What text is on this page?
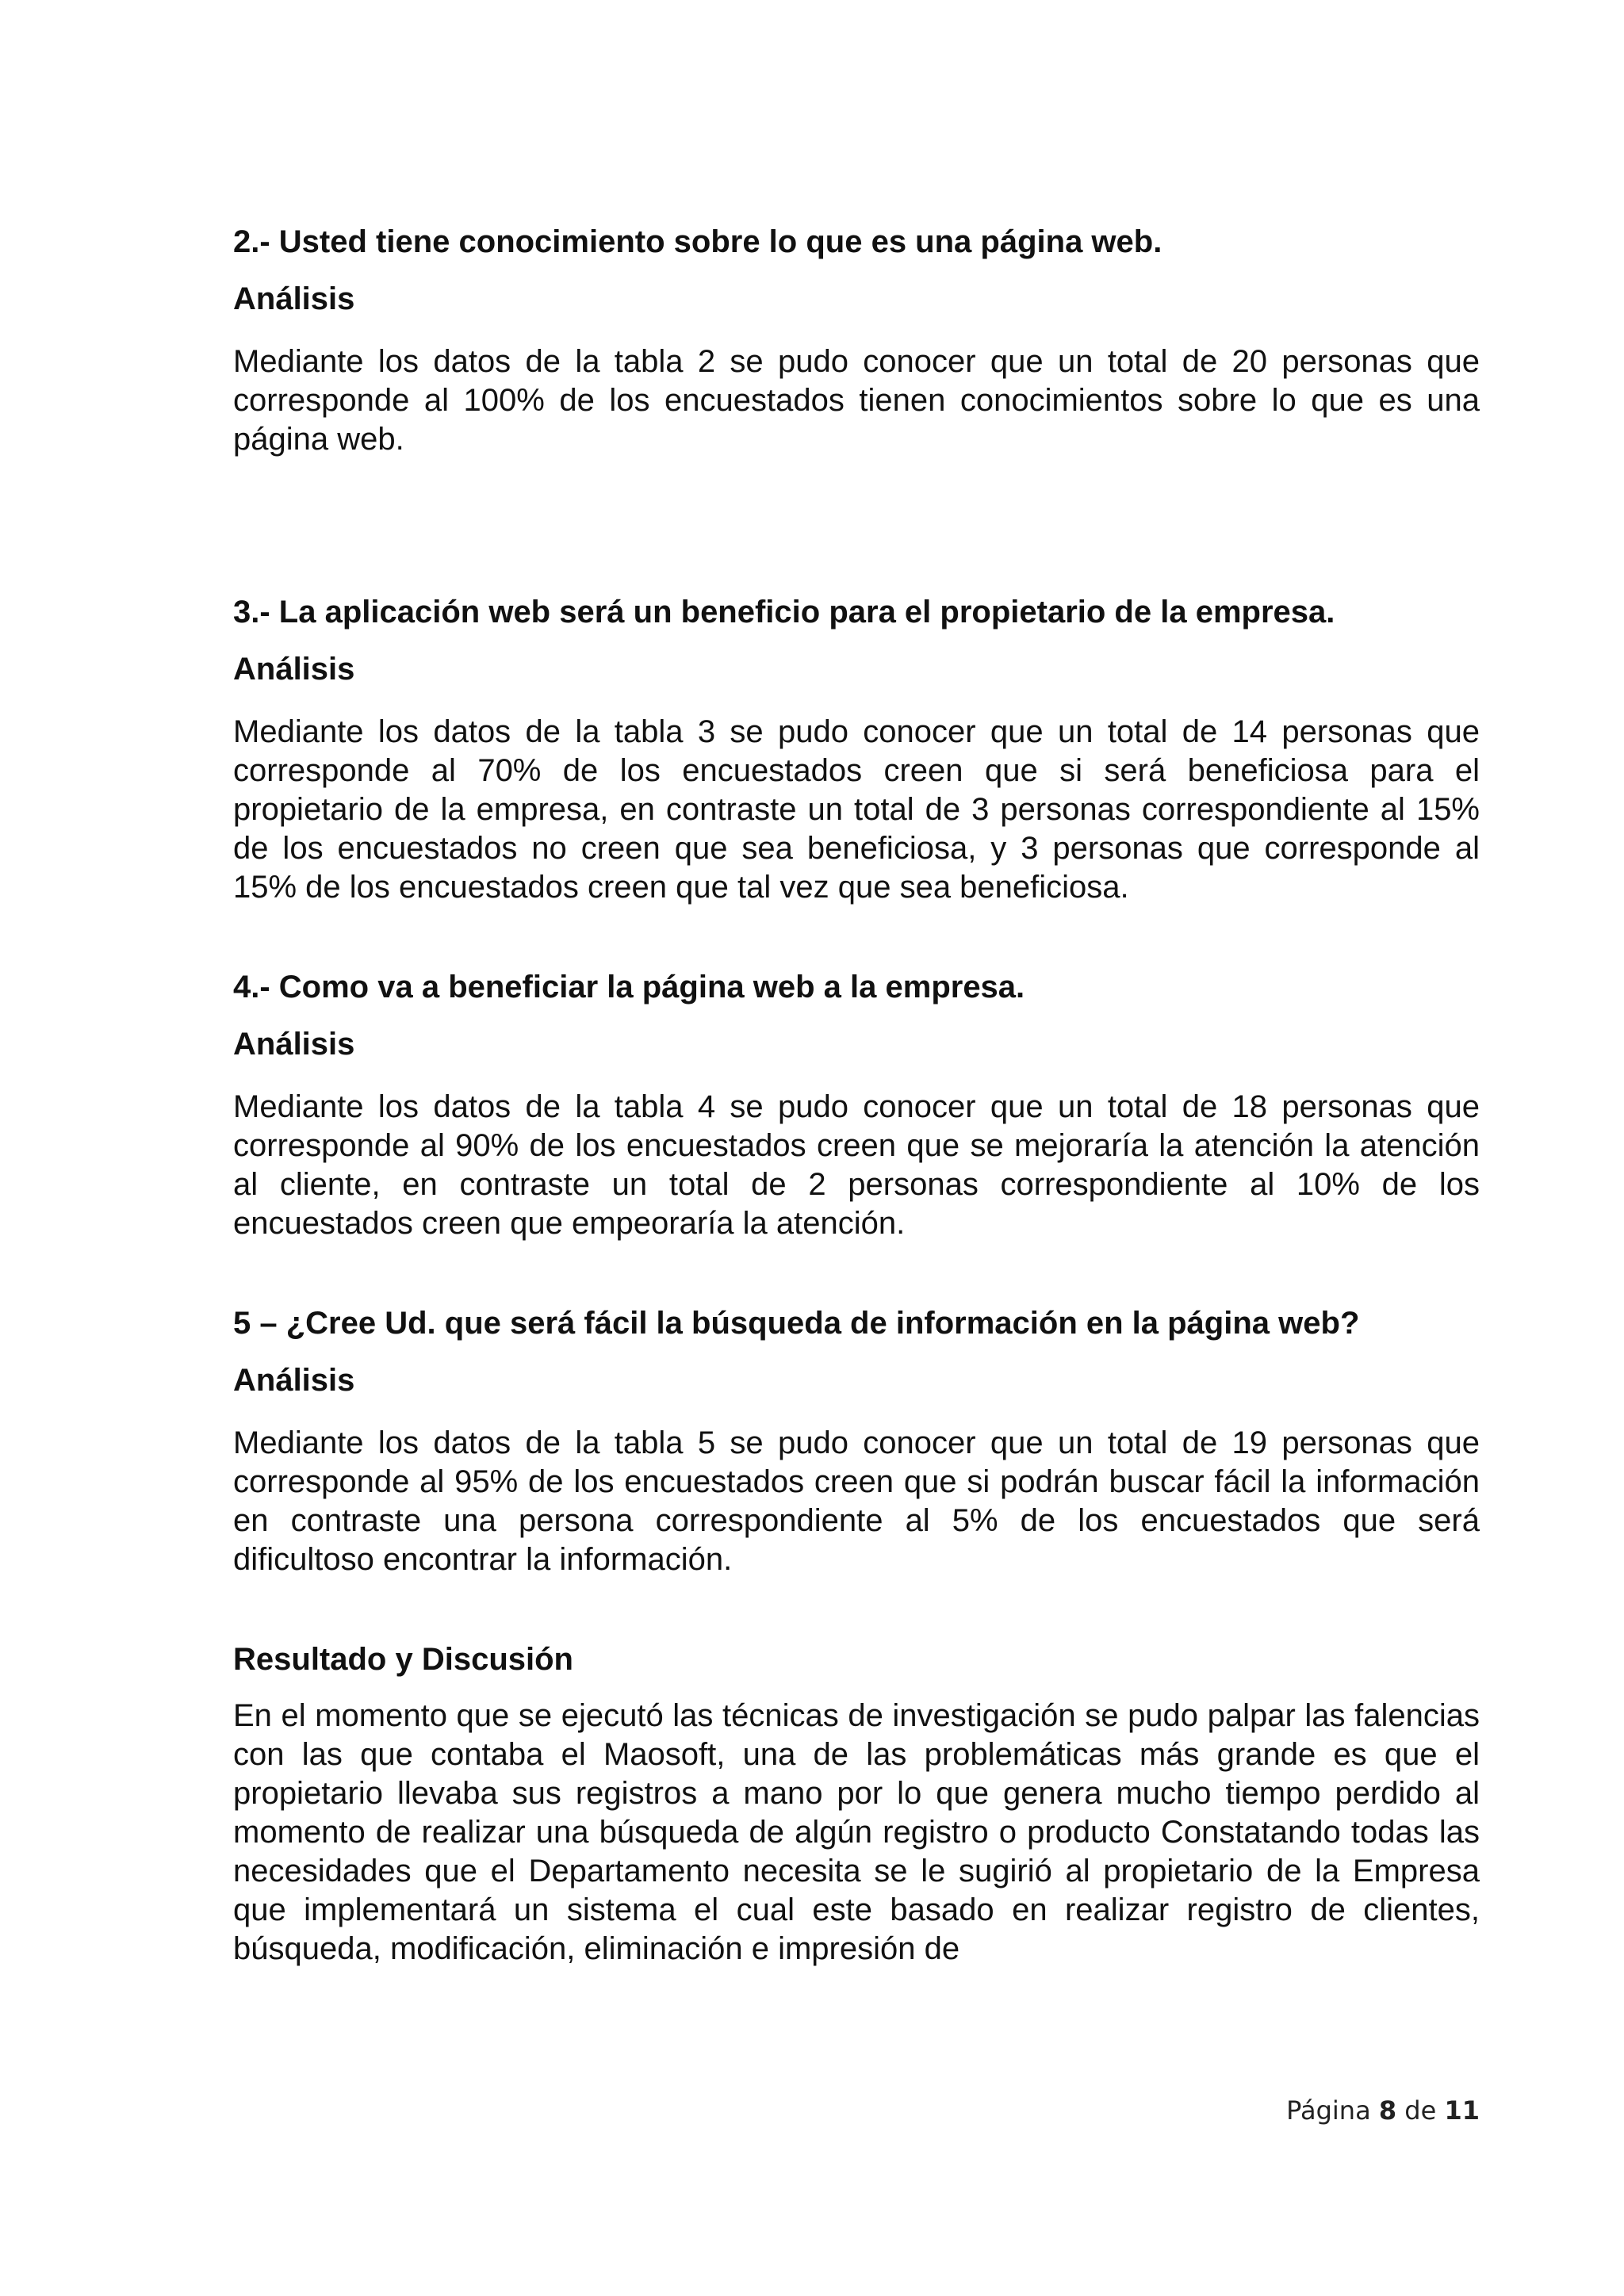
2.- Usted tiene conocimiento sobre lo que es una página web.

Análisis

Mediante los datos de la tabla 2 se pudo conocer que un total de 20 personas que corresponde al 100% de los encuestados tienen conocimientos sobre lo que es una página web.

3.- La aplicación web será un beneficio para el propietario de la empresa.

Análisis

Mediante los datos de la tabla 3 se pudo conocer que un total de 14 personas que corresponde al 70% de los encuestados creen que si será beneficiosa para el propietario de la empresa, en contraste un total de 3 personas correspondiente al 15% de los encuestados no creen que sea beneficiosa, y 3 personas que corresponde al 15% de los encuestados creen que tal vez que sea beneficiosa.

4.- Como va a beneficiar la página web a la empresa.

Análisis

Mediante los datos de la tabla 4 se pudo conocer que un total de 18 personas que corresponde al 90% de los encuestados creen que se mejoraría la atención la atención al cliente, en contraste un total de 2 personas correspondiente al 10% de los encuestados creen que empeoraría la atención.

5 – ¿Cree Ud. que será fácil la búsqueda de información en la página web?

Análisis

Mediante los datos de la tabla 5 se pudo conocer que un total de 19 personas que corresponde al 95% de los encuestados creen que si podrán buscar fácil la información en contraste una persona correspondiente al 5% de los encuestados que será dificultoso encontrar la información.

Resultado y Discusión

En el momento que se ejecutó las técnicas de investigación se pudo palpar las falencias con las que contaba el Maosoft, una de las problemáticas más grande es que el propietario llevaba sus registros a mano por lo que genera mucho tiempo perdido al momento de realizar una búsqueda de algún registro o producto Constatando todas las necesidades que el Departamento necesita se le sugirió al propietario de la Empresa que implementará un sistema el cual este basado en realizar registro de clientes, búsqueda, modificación, eliminación e impresión de

Página 8 de 11
